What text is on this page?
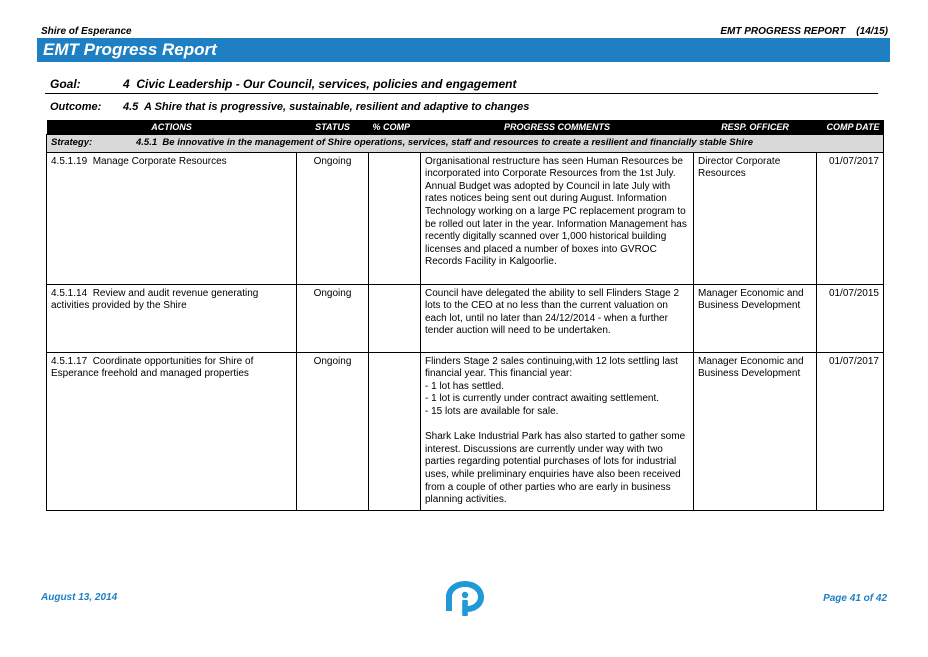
Shire of Esperance	EMT PROGRESS REPORT    (14/15)
EMT Progress Report
Goal:	4  Civic Leadership - Our Council, services, policies and engagement
Outcome: 4.5  A Shire that is progressive, sustainable, resilient and adaptive to changes
ACTIONS	STATUS	% COMP	PROGRESS COMMENTS	RESP. OFFICER	COMP DATE
Strategy: 4.5.1  Be innovative in the management of Shire operations, services, staff and resources to create a resilient and financially stable Shire					
4.5.1.19  Manage Corporate Resources	Ongoing		Organisational restructure has seen Human Resources be incorporated into Corporate Resources from the 1st July. Annual Budget was adopted by Council in late July with rates notices being sent out during August. Information Technology working on a large PC replacement program to be rolled out later in the year. Information Management has recently digitally scanned over 1,000 historical building licenses and placed a number of boxes into GVROC Records Facility in Kalgoorlie.	Director Corporate Resources	01/07/2017
4.5.1.14  Review and audit revenue generating activities provided by the Shire	Ongoing		Council have delegated the ability to sell Flinders Stage 2 lots to the CEO at no less than the current valuation on each lot, until no later than 24/12/2014 - when a further tender auction will need to be undertaken.	Manager Economic and Business Development	01/07/2015
4.5.1.17  Coordinate opportunities for Shire of Esperance freehold and managed properties	Ongoing		Flinders Stage 2 sales continuing,with 12 lots settling last financial year. This financial year:
- 1 lot has settled.
- 1 lot is currently under contract awaiting settlement.
- 15 lots are available for sale.
Shark Lake Industrial Park has also started to gather some interest. Discussions are currently under way with two parties regarding potential purchases of lots for industrial uses, while preliminary enquiries have also been received from a couple of other parties who are early in business planning activities.	Manager Economic and Business Development	01/07/2017
August 13, 2014	Page 41 of 42
